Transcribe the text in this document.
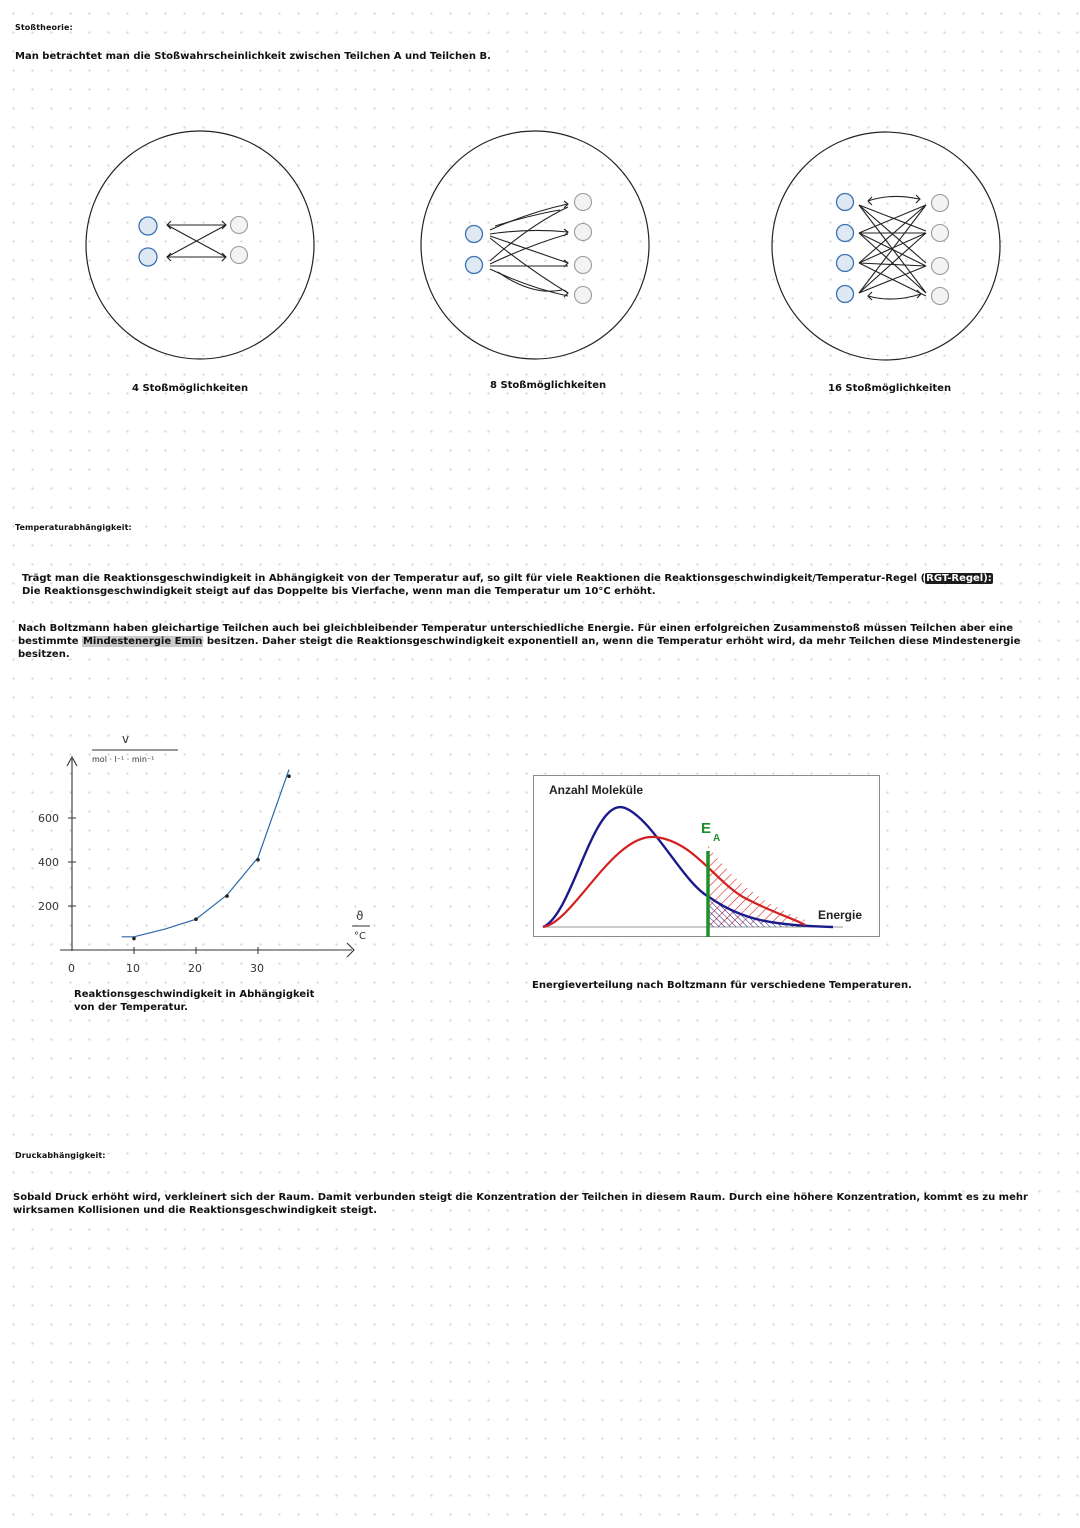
Stoßtheorie:
Man betrachtet man die Stoßwahrscheinlichkeit zwischen Teilchen A und Teilchen B.
4 Stoßmöglichkeiten	8 Stoßmöglichkeiten	16 Stoßmöglichkeiten
Temperaturabhängigkeit:
Trägt man die Reaktionsgeschwindigkeit in Abhängigkeit von der Temperatur auf, so gilt für viele Reaktionen die Reaktionsgeschwindigkeit/Temperatur-Regel (RGT-Regel): Die Reaktionsgeschwindigkeit steigt auf das Doppelte bis Vierfache, wenn man die Temperatur um 10°C erhöht.
Nach Boltzmann haben gleichartige Teilchen auch bei gleichbleibender Temperatur unterschiedliche Energie. Für einen erfolgreichen Zusammenstoß müssen Teilchen aber eine bestimmte Mindestenergie Emin besitzen. Daher steigt die Reaktionsgeschwindigkeit exponentiell an, wenn die Temperatur erhöht wird, da mehr Teilchen diese Mindestenergie besitzen.
v
mol · l⁻¹ · min⁻¹
ϑ
°C
0	10	20	30
200
400
600
Reaktionsgeschwindigkeit in Abhängigkeit von der Temperatur.
Anzahl Moleküle
E
A
Energie
Energieverteilung nach Boltzmann für verschiedene Temperaturen.
Druckabhängigkeit:
Sobald Druck erhöht wird, verkleinert sich der Raum. Damit verbunden steigt die Konzentration der Teilchen in diesem Raum. Durch eine höhere Konzentration, kommt es zu mehr wirksamen Kollisionen und die Reaktionsgeschwindigkeit steigt.
